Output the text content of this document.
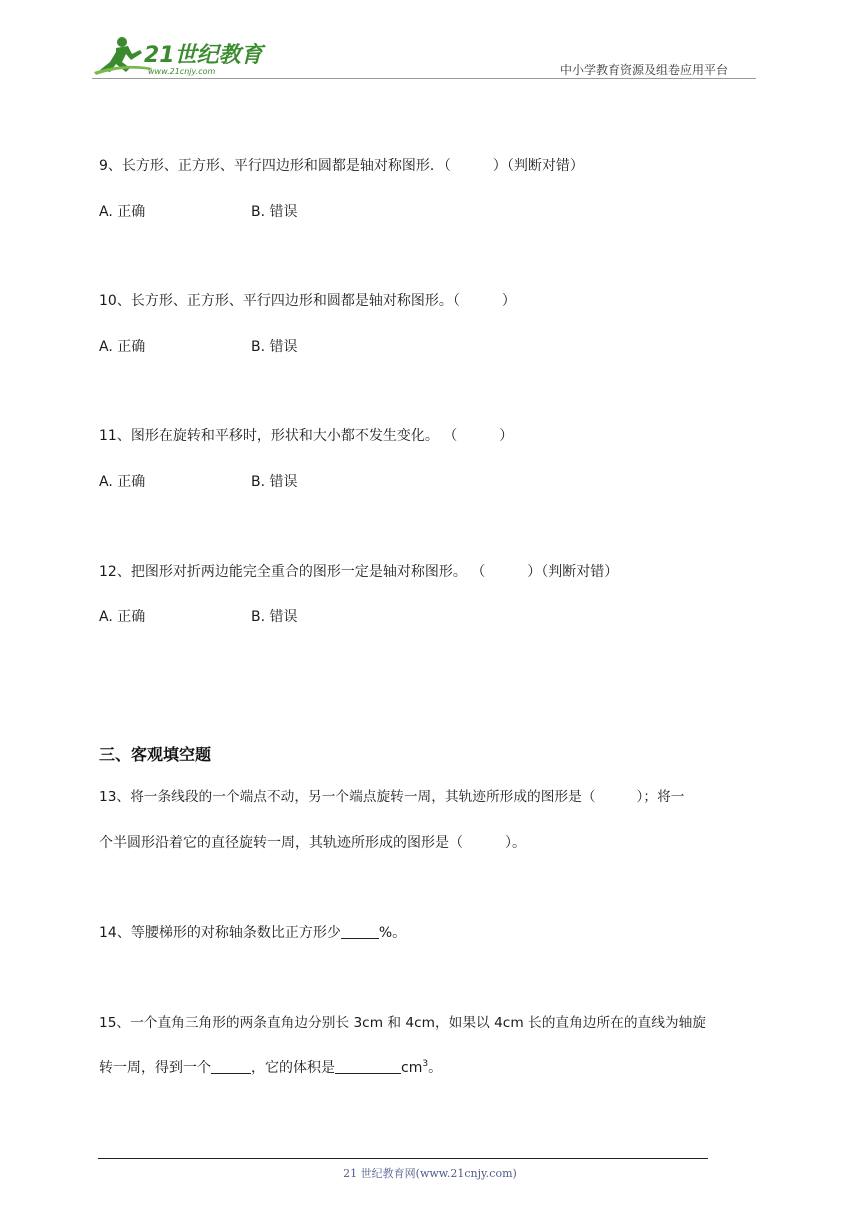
21世纪教育
www.21cnjy.com	中小学教育资源及组卷应用平台
9、长方形、正方形、平行四边形和圆都是轴对称图形．（　　　）（判断对错）
A. 正确	B. 错误
10、长方形、正方形、平行四边形和圆都是轴对称图形。（　　　）
A. 正确	B. 错误
11、图形在旋转和平移时，形状和大小都不发生变化。 （　　　）
A. 正确	B. 错误
12、把图形对折两边能完全重合的图形一定是轴对称图形。 （　　　）（判断对错）
A. 正确	B. 错误
三、客观填空题
13、将一条线段的一个端点不动，另一个端点旋转一周，其轨迹所形成的图形是（　　　）；将一
个半圆形沿着它的直径旋转一周，其轨迹所形成的图形是（　　　）。
14、等腰梯形的对称轴条数比正方形少	%。
15、一个直角三角形的两条直角边分别长 3cm 和 4cm，如果以 4cm 长的直角边所在的直线为轴旋
转一周，得到一个	，它的体积是	$cm^3$。
21 世纪教育网(www.21cnjy.com)
